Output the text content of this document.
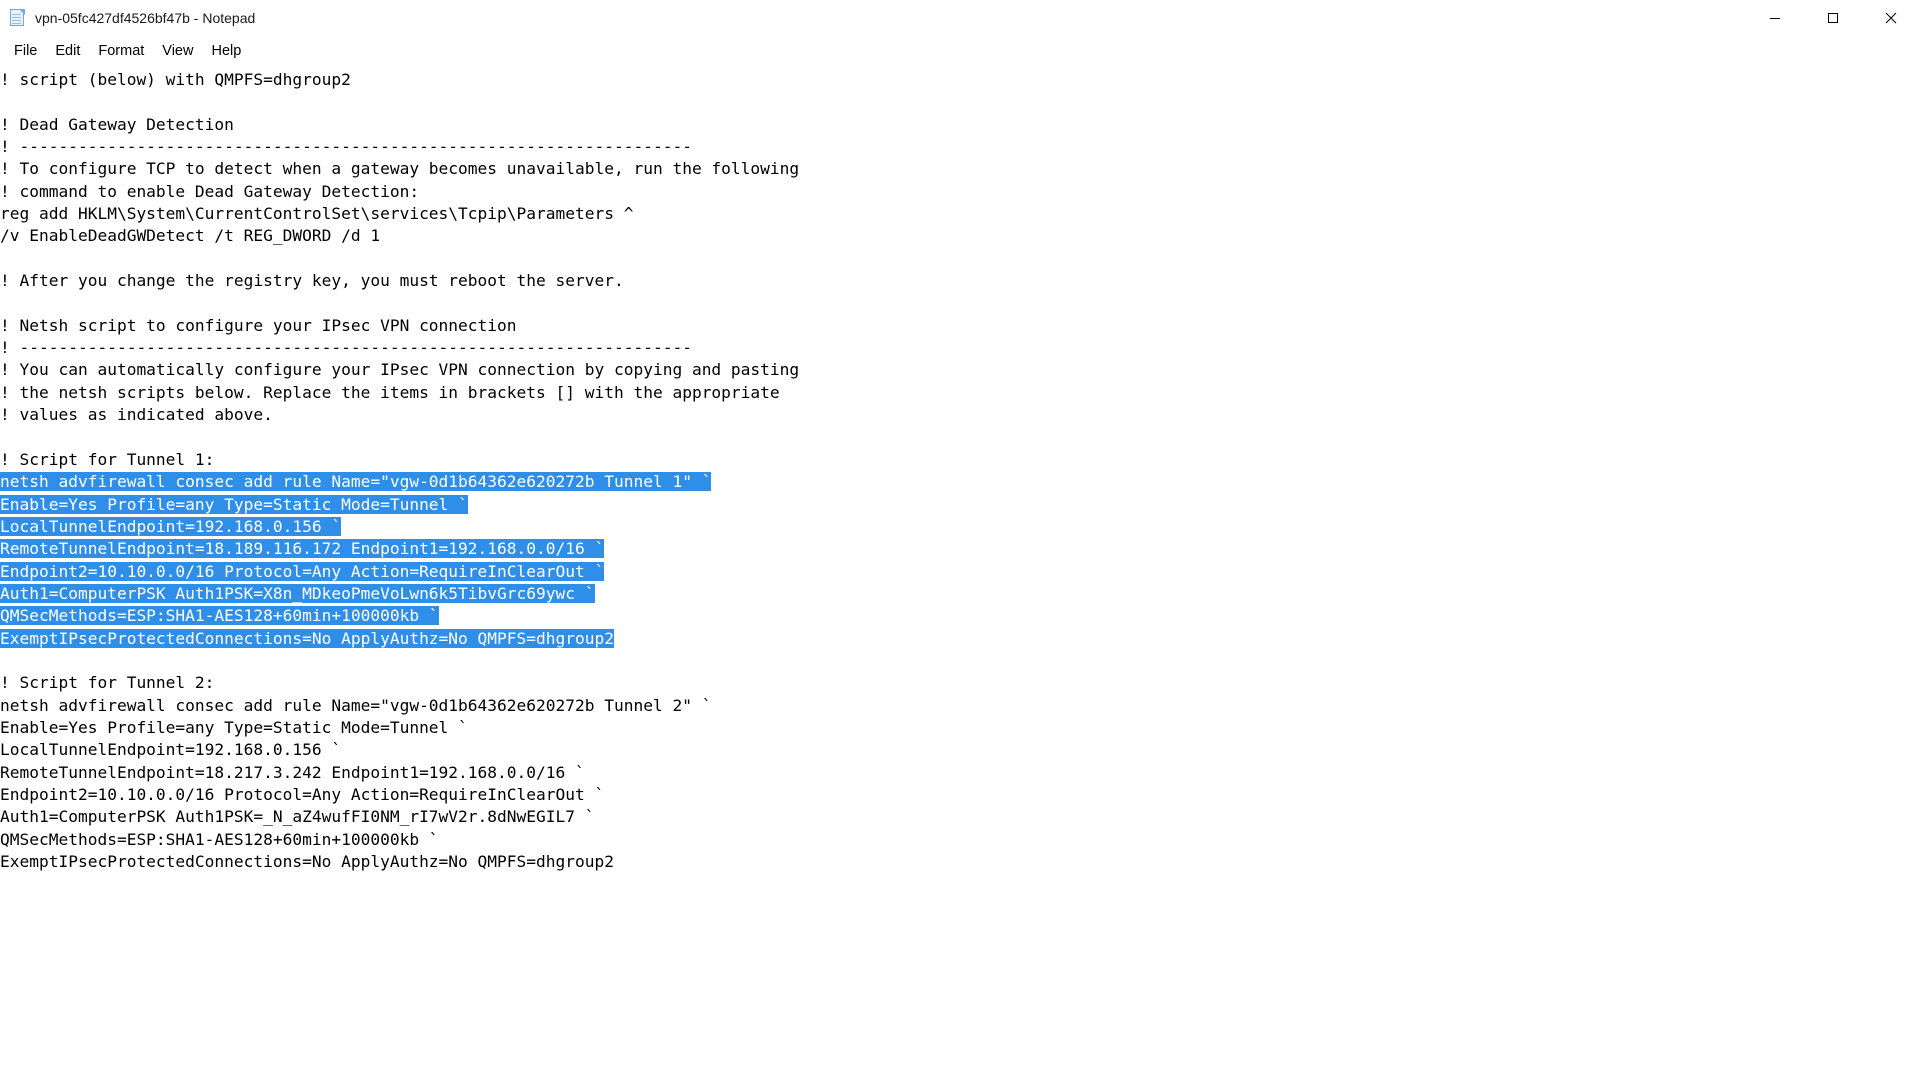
vpn-05fc427df4526bf47b - Notepad
File	Edit	Format	View	Help
! script (below) with QMPFS=dhgroup2

! Dead Gateway Detection
! ---------------------------------------------------------------------
! To configure TCP to detect when a gateway becomes unavailable, run the following
! command to enable Dead Gateway Detection:
reg add HKLM\System\CurrentControlSet\services\Tcpip\Parameters ^
/v EnableDeadGWDetect /t REG_DWORD /d 1

! After you change the registry key, you must reboot the server.

! Netsh script to configure your IPsec VPN connection
! ---------------------------------------------------------------------
! You can automatically configure your IPsec VPN connection by copying and pasting
! the netsh scripts below. Replace the items in brackets [] with the appropriate
! values as indicated above.

! Script for Tunnel 1:
netsh advfirewall consec add rule Name="vgw-0d1b64362e620272b Tunnel 1" `
Enable=Yes Profile=any Type=Static Mode=Tunnel `
LocalTunnelEndpoint=192.168.0.156 `
RemoteTunnelEndpoint=18.189.116.172 Endpoint1=192.168.0.0/16 `
Endpoint2=10.10.0.0/16 Protocol=Any Action=RequireInClearOut `
Auth1=ComputerPSK Auth1PSK=X8n_MDkeoPmeVoLwn6k5TibvGrc69ywc `
QMSecMethods=ESP:SHA1-AES128+60min+100000kb `
ExemptIPsecProtectedConnections=No ApplyAuthz=No QMPFS=dhgroup2

! Script for Tunnel 2:
netsh advfirewall consec add rule Name="vgw-0d1b64362e620272b Tunnel 2" `
Enable=Yes Profile=any Type=Static Mode=Tunnel `
LocalTunnelEndpoint=192.168.0.156 `
RemoteTunnelEndpoint=18.217.3.242 Endpoint1=192.168.0.0/16 `
Endpoint2=10.10.0.0/16 Protocol=Any Action=RequireInClearOut `
Auth1=ComputerPSK Auth1PSK=_N_aZ4wufFI0NM_rI7wV2r.8dNwEGIL7 `
QMSecMethods=ESP:SHA1-AES128+60min+100000kb `
ExemptIPsecProtectedConnections=No ApplyAuthz=No QMPFS=dhgroup2
